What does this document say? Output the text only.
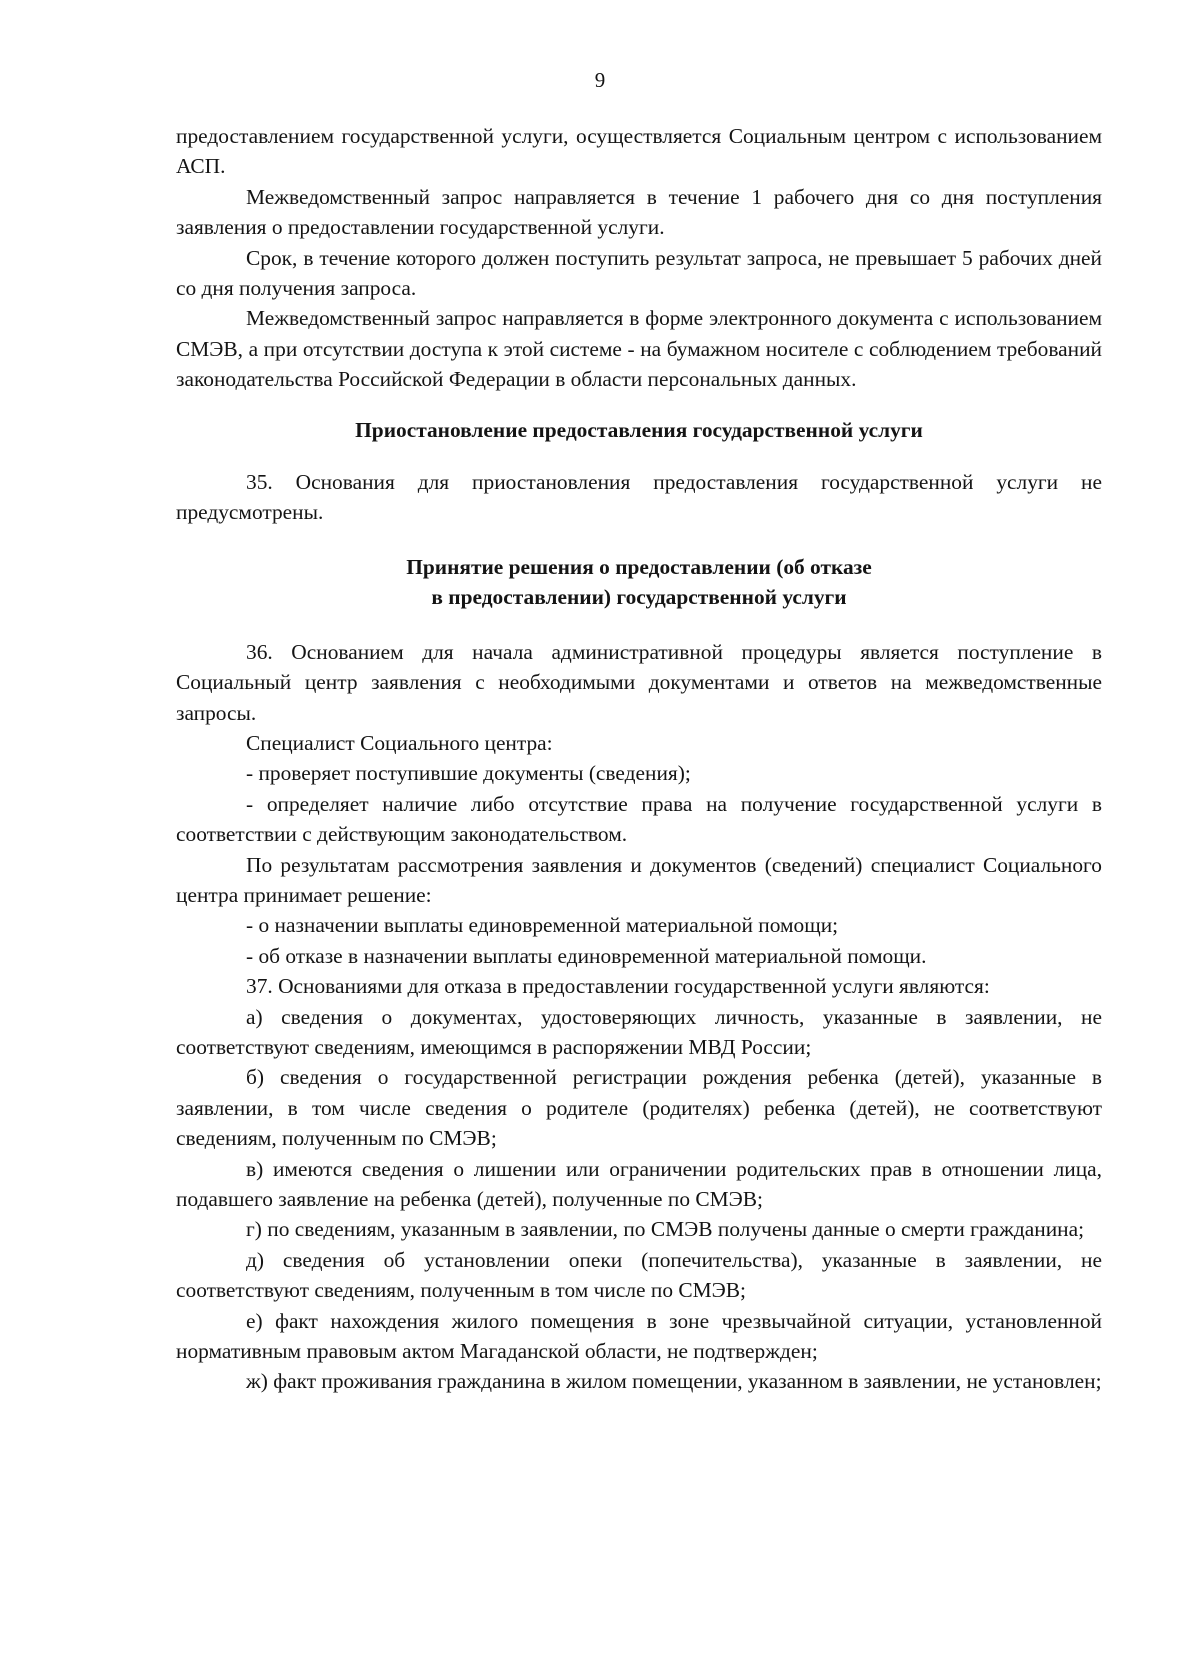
9

предоставлением государственной услуги, осуществляется Социальным центром с использованием АСП.

Межведомственный запрос направляется в течение 1 рабочего дня со дня поступления заявления о предоставлении государственной услуги.

Срок, в течение которого должен поступить результат запроса, не превышает 5 рабочих дней со дня получения запроса.

Межведомственный запрос направляется в форме электронного документа с использованием СМЭВ, а при отсутствии доступа к этой системе - на бумажном носителе с соблюдением требований законодательства Российской Федерации в области персональных данных.

Приостановление предоставления государственной услуги

35. Основания для приостановления предоставления государственной услуги не предусмотрены.

Принятие решения о предоставлении (об отказе
в предоставлении) государственной услуги

36. Основанием для начала административной процедуры является поступление в Социальный центр заявления с необходимыми документами и ответов на межведомственные запросы.

Специалист Социального центра:

- проверяет поступившие документы (сведения);

- определяет наличие либо отсутствие права на получение государственной услуги в соответствии с действующим законодательством.

По результатам рассмотрения заявления и документов (сведений) специалист Социального центра принимает решение:

- о назначении выплаты единовременной материальной помощи;

- об отказе в назначении выплаты единовременной материальной помощи.

37. Основаниями для отказа в предоставлении государственной услуги являются:

а) сведения о документах, удостоверяющих личность, указанные в заявлении, не соответствуют сведениям, имеющимся в распоряжении МВД России;

б) сведения о государственной регистрации рождения ребенка (детей), указанные в заявлении, в том числе сведения о родителе (родителях) ребенка (детей), не соответствуют сведениям, полученным по СМЭВ;

в) имеются сведения о лишении или ограничении родительских прав в отношении лица, подавшего заявление на ребенка (детей), полученные по СМЭВ;

г) по сведениям, указанным в заявлении, по СМЭВ получены данные о смерти гражданина;

д) сведения об установлении опеки (попечительства), указанные в заявлении, не соответствуют сведениям, полученным в том числе по СМЭВ;

е) факт нахождения жилого помещения в зоне чрезвычайной ситуации, установленной нормативным правовым актом Магаданской области, не подтвержден;

ж) факт проживания гражданина в жилом помещении, указанном в заявлении, не установлен;
